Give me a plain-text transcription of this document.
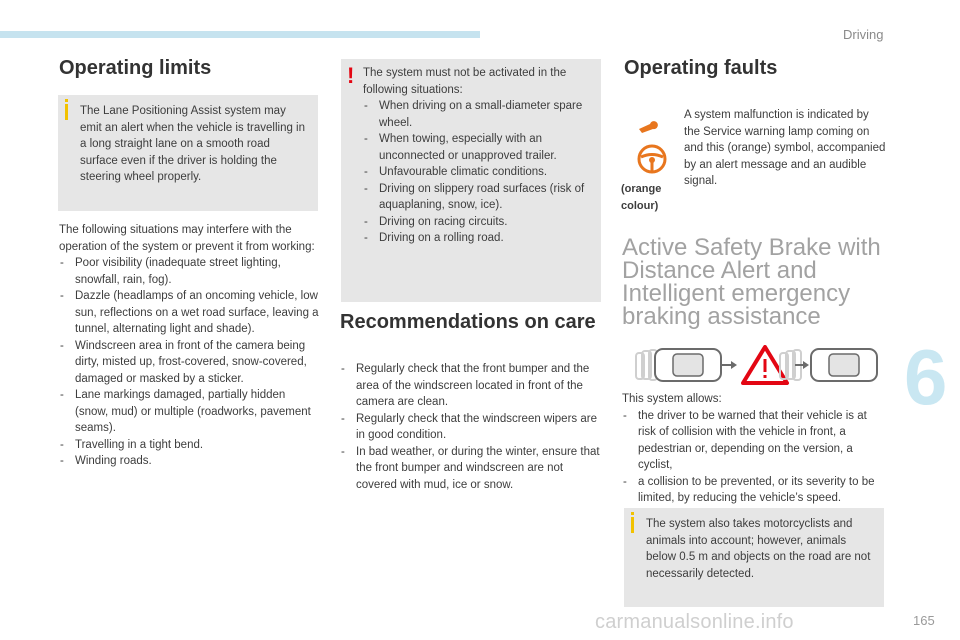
Driving
6
carmanualsonline.info	165
Operating limits
The Lane Positioning Assist system may emit an alert when the vehicle is travelling in a long straight lane on a smooth road surface even if the driver is holding the steering wheel properly.
The following situations may interfere with the operation of the system or prevent it from working:
- Poor visibility (inadequate street lighting, snowfall, rain, fog).
- Dazzle (headlamps of an oncoming vehicle, low sun, reflections on a wet road surface, leaving a tunnel, alternating light and shade).
- Windscreen area in front of the camera being dirty, misted up, frost-covered, snow-covered, damaged or masked by a sticker.
- Lane markings damaged, partially hidden (snow, mud) or multiple (roadworks, pavement seams).
- Travelling in a tight bend.
- Winding roads.
! The system must not be activated in the following situations:
- When driving on a small-diameter spare wheel.
- When towing, especially with an unconnected or unapproved trailer.
- Unfavourable climatic conditions.
- Driving on slippery road surfaces (risk of aquaplaning, snow, ice).
- Driving on racing circuits.
- Driving on a rolling road.
Recommendations on care
- Regularly check that the front bumper and the area of the windscreen located in front of the camera are clean.
- Regularly check that the windscreen wipers are in good condition.
- In bad weather, or during the winter, ensure that the front bumper and windscreen are not covered with mud, ice or snow.
Operating faults
(orange colour)
A system malfunction is indicated by the Service warning lamp coming on and this (orange) symbol, accompanied by an alert message and an audible signal.
Active Safety Brake with Distance Alert and Intelligent emergency braking assistance
This system allows:
- the driver to be warned that their vehicle is at risk of collision with the vehicle in front, a pedestrian or, depending on the version, a cyclist,
- a collision to be prevented, or its severity to be limited, by reducing the vehicle’s speed.
The system also takes motorcyclists and animals into account; however, animals below 0.5 m and objects on the road are not necessarily detected.
